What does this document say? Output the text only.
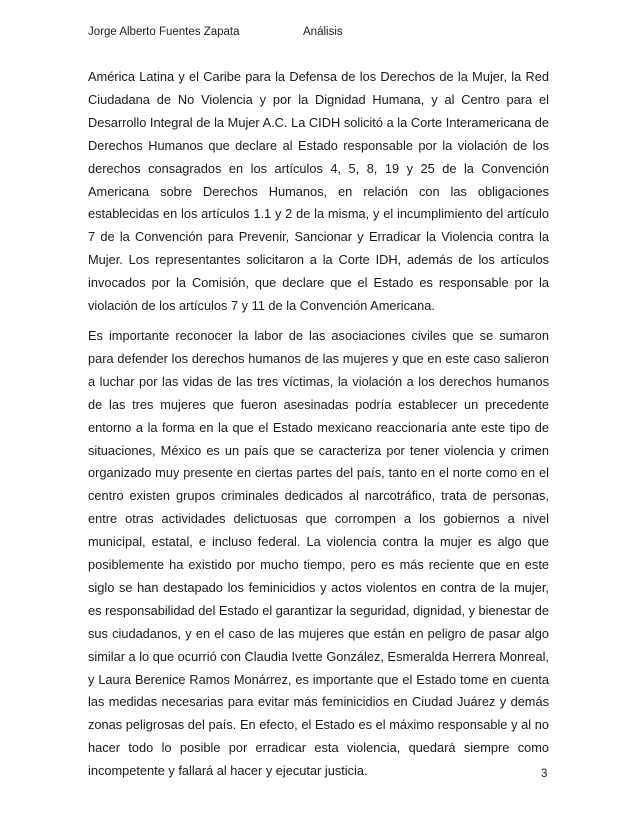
Jorge Alberto Fuentes Zapata	Análisis

América Latina y el Caribe para la Defensa de los Derechos de la Mujer, la Red Ciudadana de No Violencia y por la Dignidad Humana, y al Centro para el Desarrollo Integral de la Mujer A.C. La CIDH solicitó a la Corte Interamericana de Derechos Humanos que declare al Estado responsable por la violación de los derechos consagrados en los artículos 4, 5, 8, 19 y 25 de la Convención Americana sobre Derechos Humanos, en relación con las obligaciones establecidas en los artículos 1.1 y 2 de la misma, y el incumplimiento del artículo 7 de la Convención para Prevenir, Sancionar y Erradicar la Violencia contra la Mujer. Los representantes solicitaron a la Corte IDH, además de los artículos invocados por la Comisión, que declare que el Estado es responsable por la violación de los artículos 7 y 11 de la Convención Americana.

Es importante reconocer la labor de las asociaciones civiles que se sumaron para defender los derechos humanos de las mujeres y que en este caso salieron a luchar por las vidas de las tres víctimas, la violación a los derechos humanos de las tres mujeres que fueron asesinadas podría establecer un precedente entorno a la forma en la que el Estado mexicano reaccionaría ante este tipo de situaciones, México es un país que se caracteriza por tener violencia y crimen organizado muy presente en ciertas partes del país, tanto en el norte como en el centro existen grupos criminales dedicados al narcotráfico, trata de personas, entre otras actividades delictuosas que corrompen a los gobiernos a nivel municipal, estatal, e incluso federal. La violencia contra la mujer es algo que posiblemente ha existido por mucho tiempo, pero es más reciente que en este siglo se han destapado los feminicidios y actos violentos en contra de la mujer, es responsabilidad del Estado el garantizar la seguridad, dignidad, y bienestar de sus ciudadanos, y en el caso de las mujeres que están en peligro de pasar algo similar a lo que ocurrió con Claudia Ivette González, Esmeralda Herrera Monreal, y Laura Berenice Ramos Monárrez, es importante que el Estado tome en cuenta las medidas necesarias para evitar más feminicidios en Ciudad Juárez y demás zonas peligrosas del país. En efecto, el Estado es el máximo responsable y al no hacer todo lo posible por erradicar esta violencia, quedará siempre como incompetente y fallará al hacer y ejecutar justicia.	3
